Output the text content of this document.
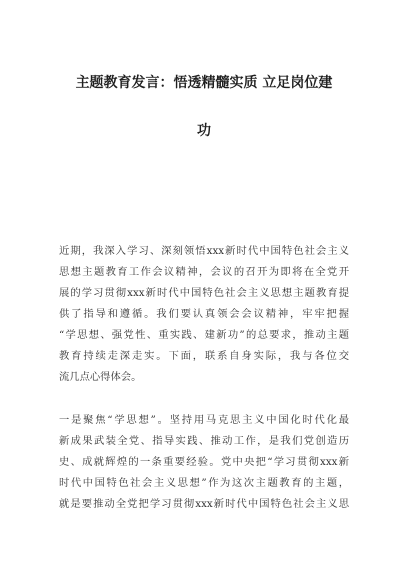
主题教育发言：悟透精髓实质 立足岗位建
功
近期，我深入学习、深刻领悟xxx新时代中国特色社会主义
思想主题教育工作会议精神，会议的召开为即将在全党开
展的学习贯彻xxx新时代中国特色社会主义思想主题教育提
供了指导和遵循。我们要认真领会会议精神，牢牢把握
“学思想、强党性、重实践、建新功”的总要求，推动主题
教育持续走深走实。下面，联系自身实际，我与各位交
流几点心得体会。
一是聚焦“学思想”。坚持用马克思主义中国化时代化最
新成果武装全党、指导实践、推动工作，是我们党创造历
史、成就辉煌的一条重要经验。党中央把“学习贯彻xxx新
时代中国特色社会主义思想”作为这次主题教育的主题，
就是要推动全党把学习贯彻xxx新时代中国特色社会主义思
